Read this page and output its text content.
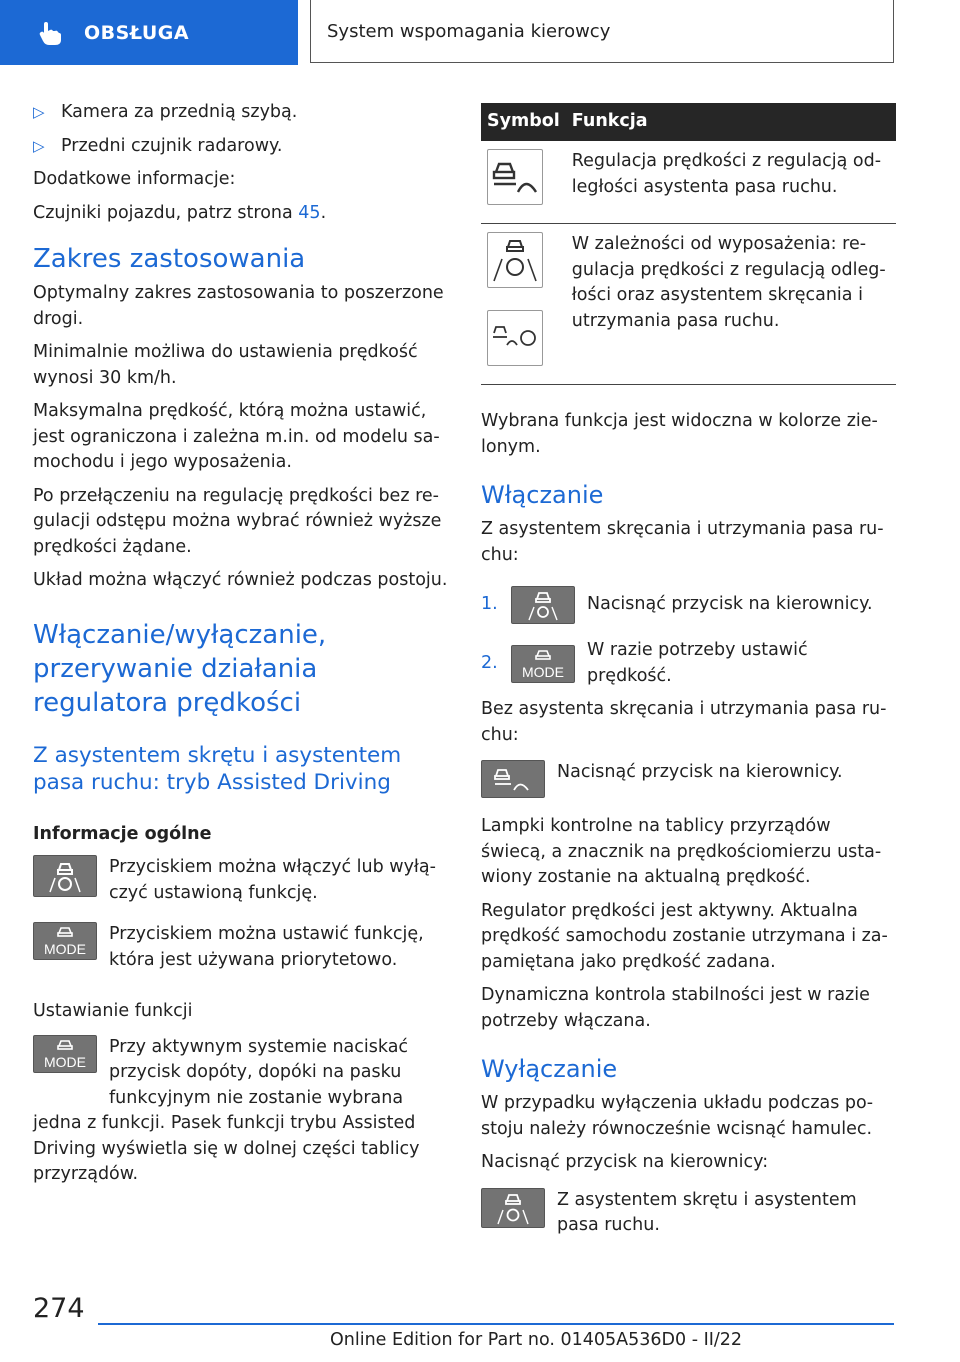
OBSŁUGA	System wspomagania kierowcy
▷ Kamera za przednią szybą.
▷ Przedni czujnik radarowy.

Dodatkowe informacje:

Czujniki pojazdu, patrz strona 45.

Zakres zastosowania

Optymalny zakres zastosowania to poszerzone drogi.

Minimalnie możliwa do ustawienia prędkość wynosi 30 km/h.

Maksymalna prędkość, którą można ustawić, jest ograniczona i zależna m.in. od modelu samochodu i jego wyposażenia.

Po przełączeniu na regulację prędkości bez regulacji odstępu można wybrać również wyższe prędkości żądane.

Układ można włączyć również podczas postoju.

Włączanie/wyłączanie, przerywanie działania regulatora prędkości
Z asystentem skrętu i asystentem pasa ruchu: tryb Assisted Driving
Informacje ogólne
Przyciskiem można włączyć lub wyłączyć ustawioną funkcję.
MODE
Przyciskiem można ustawić funkcję, która jest używana priorytetowo.
Ustawianie funkcji
MODE
Przy aktywnym systemie naciskać przycisk dopóty, dopóki na pasku funkcyjnym nie zostanie wybrana

jedna z funkcji. Pasek funkcji trybu Assisted Driving wyświetla się w dolnej części tablicy przyrządów.

Symbol	Funkcja

	Regulacja prędkości z regulacją odległości asystenta pasa ruchu.

	W zależności od wyposażenia: regulacja prędkości z regulacją odległości oraz asystentem skręcania i utrzymania pasa ruchu.

Wybrana funkcja jest widoczna w kolorze zielonym.

Włączanie

Z asystentem skręcania i utrzymania pasa ruchu:

1.	Nacisnąć przycisk na kierownicy.
2.	MODE
W razie potrzeby ustawić prędkość.

Bez asystenta skręcania i utrzymania pasa ruchu:

Nacisnąć przycisk na kierownicy.

Lampki kontrolne na tablicy przyrządów świecą, a znacznik na prędkościomierzu ustawiony zostanie na aktualną prędkość.

Regulator prędkości jest aktywny. Aktualna prędkość samochodu zostanie utrzymana i zapamiętana jako prędkość zadana.

Dynamiczna kontrola stabilności jest w razie potrzeby włączana.

Wyłączanie

W przypadku wyłączenia układu podczas postoju należy równocześnie wcisnąć hamulec.

Nacisnąć przycisk na kierownicy:

Z asystentem skrętu i asystentem pasa ruchu.
274
Online Edition for Part no. 01405A536D0 - II/22
